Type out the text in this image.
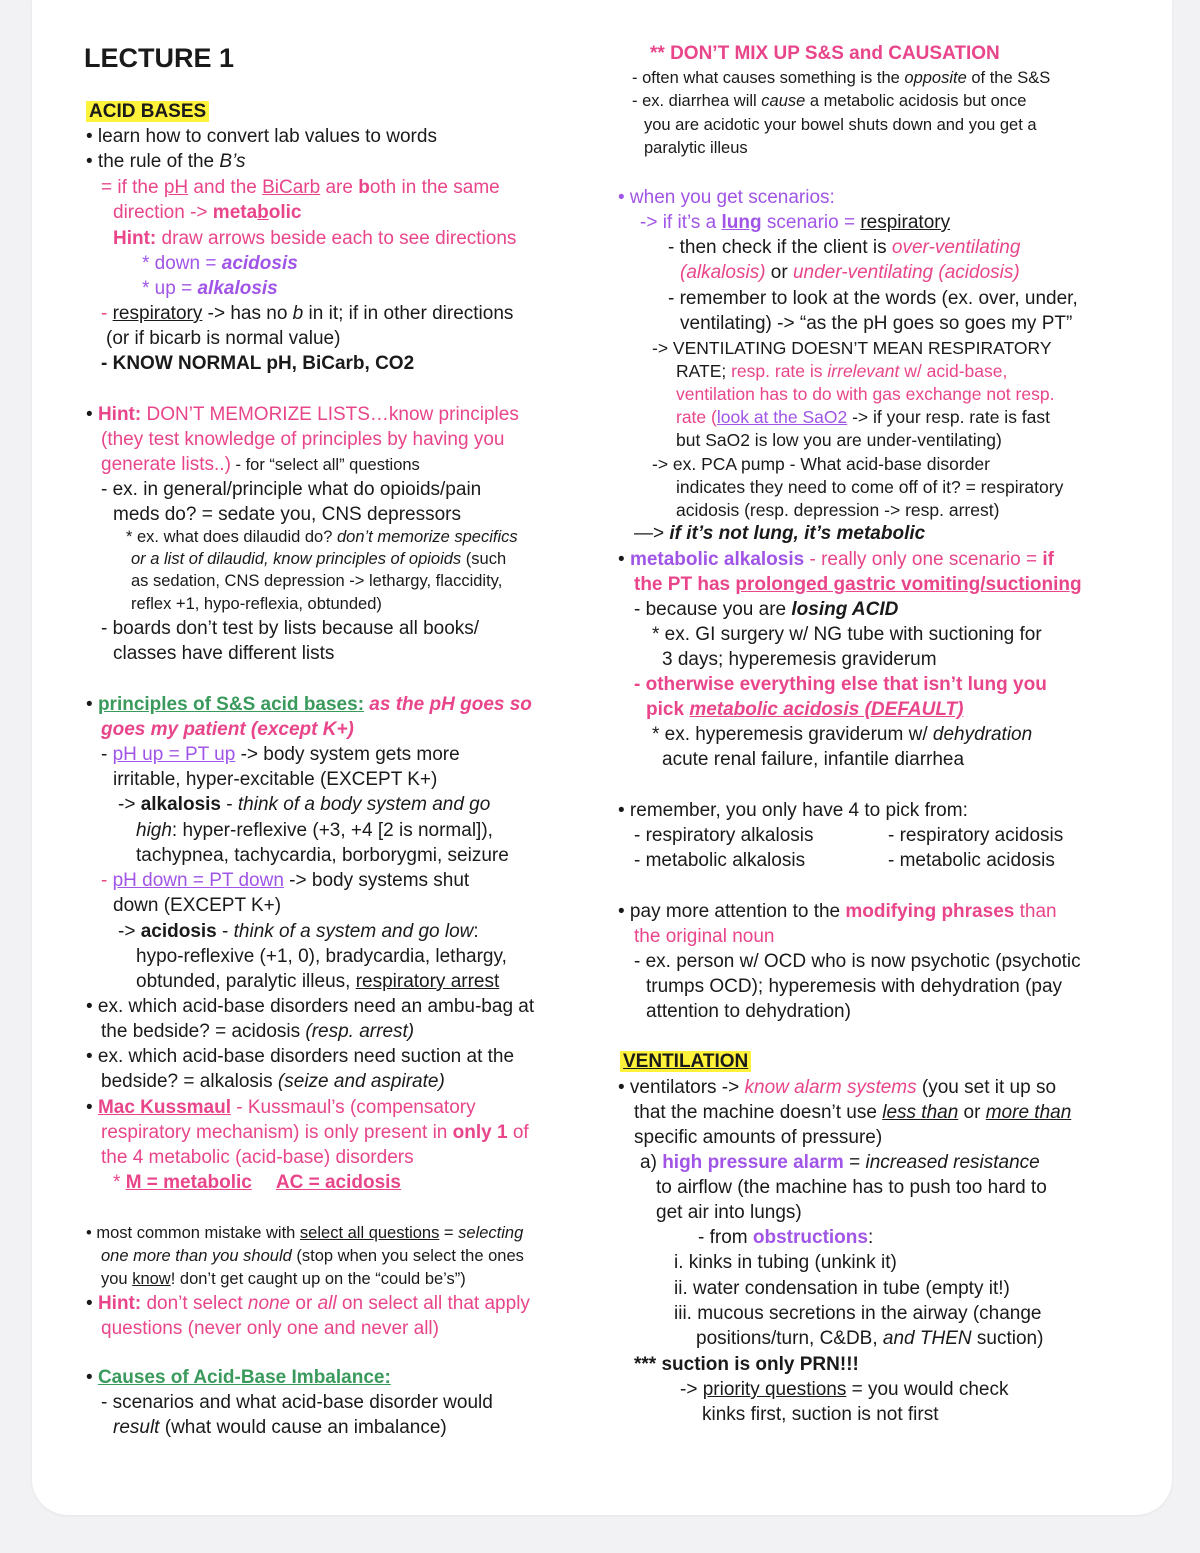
LECTURE 1
ACID BASES
• learn how to convert lab values to words
• the rule of the B’s
= if the pH and the BiCarb are both in the same
direction -> metabolic
Hint: draw arrows beside each to see directions
* down = acidosis
* up = alkalosis
- respiratory -> has no b in it; if in other directions
(or if bicarb is normal value)
- KNOW NORMAL pH, BiCarb, CO2
• Hint: DON’T MEMORIZE LISTS…know principles
(they test knowledge of principles by having you
generate lists..) - for “select all” questions
- ex. in general/principle what do opioids/pain
meds do? = sedate you, CNS depressors
* ex. what does dilaudid do? don’t memorize specifics
or a list of dilaudid, know principles of opioids (such
as sedation, CNS depression -> lethargy, flaccidity,
reflex +1, hypo-reflexia, obtunded)
- boards don’t test by lists because all books/
classes have different lists
• principles of S&S acid bases: as the pH goes so
goes my patient (except K+)
- pH up = PT up -> body system gets more
irritable, hyper-excitable (EXCEPT K+)
-> alkalosis - think of a body system and go
high: hyper-reflexive (+3, +4 [2 is normal]),
tachypnea, tachycardia, borborygmi, seizure
- pH down = PT down -> body systems shut
down (EXCEPT K+)
-> acidosis - think of a system and go low:
hypo-reflexive (+1, 0), bradycardia, lethargy,
obtunded, paralytic illeus, respiratory arrest
• ex. which acid-base disorders need an ambu-bag at
the bedside? = acidosis (resp. arrest)
• ex. which acid-base disorders need suction at the
bedside? = alkalosis (seize and aspirate)
• Mac Kussmaul - Kussmaul’s (compensatory
respiratory mechanism) is only present in only 1 of
the 4 metabolic (acid-base) disorders
* M = metabolic AC = acidosis
• most common mistake with select all questions = selecting
one more than you should (stop when you select the ones
you know! don’t get caught up on the “could be’s”)
• Hint: don’t select none or all on select all that apply
questions (never only one and never all)
• Causes of Acid-Base Imbalance:
- scenarios and what acid-base disorder would
result (what would cause an imbalance)
** DON’T MIX UP S&S and CAUSATION
- often what causes something is the opposite of the S&S
- ex. diarrhea will cause a metabolic acidosis but once
you are acidotic your bowel shuts down and you get a
paralytic illeus
• when you get scenarios:
-> if it’s a lung scenario = respiratory
- then check if the client is over-ventilating
(alkalosis) or under-ventilating (acidosis)
- remember to look at the words (ex. over, under,
ventilating) -> “as the pH goes so goes my PT”
-> VENTILATING DOESN’T MEAN RESPIRATORY
RATE; resp. rate is irrelevant w/ acid-base,
ventilation has to do with gas exchange not resp.
rate (look at the SaO2 -> if your resp. rate is fast
but SaO2 is low you are under-ventilating)
-> ex. PCA pump - What acid-base disorder
indicates they need to come off of it? = respiratory
acidosis (resp. depression -> resp. arrest)
—> if it’s not lung, it’s metabolic
• metabolic alkalosis - really only one scenario = if
the PT has prolonged gastric vomiting/suctioning
- because you are losing ACID
* ex. GI surgery w/ NG tube with suctioning for
3 days; hyperemesis graviderum
- otherwise everything else that isn’t lung you
pick metabolic acidosis (DEFAULT)
* ex. hyperemesis graviderum w/ dehydration
acute renal failure, infantile diarrhea
• remember, you only have 4 to pick from:
- respiratory alkalosis	- respiratory acidosis
- metabolic alkalosis	- metabolic acidosis
• pay more attention to the modifying phrases than
the original noun
- ex. person w/ OCD who is now psychotic (psychotic
trumps OCD); hyperemesis with dehydration (pay
attention to dehydration)
VENTILATION
• ventilators -> know alarm systems (you set it up so
that the machine doesn’t use less than or more than
specific amounts of pressure)
a) high pressure alarm = increased resistance
to airflow (the machine has to push too hard to
get air into lungs)
- from obstructions:
i. kinks in tubing (unkink it)
ii. water condensation in tube (empty it!)
iii. mucous secretions in the airway (change
positions/turn, C&DB, and THEN suction)
*** suction is only PRN!!!
-> priority questions = you would check
kinks first, suction is not first
